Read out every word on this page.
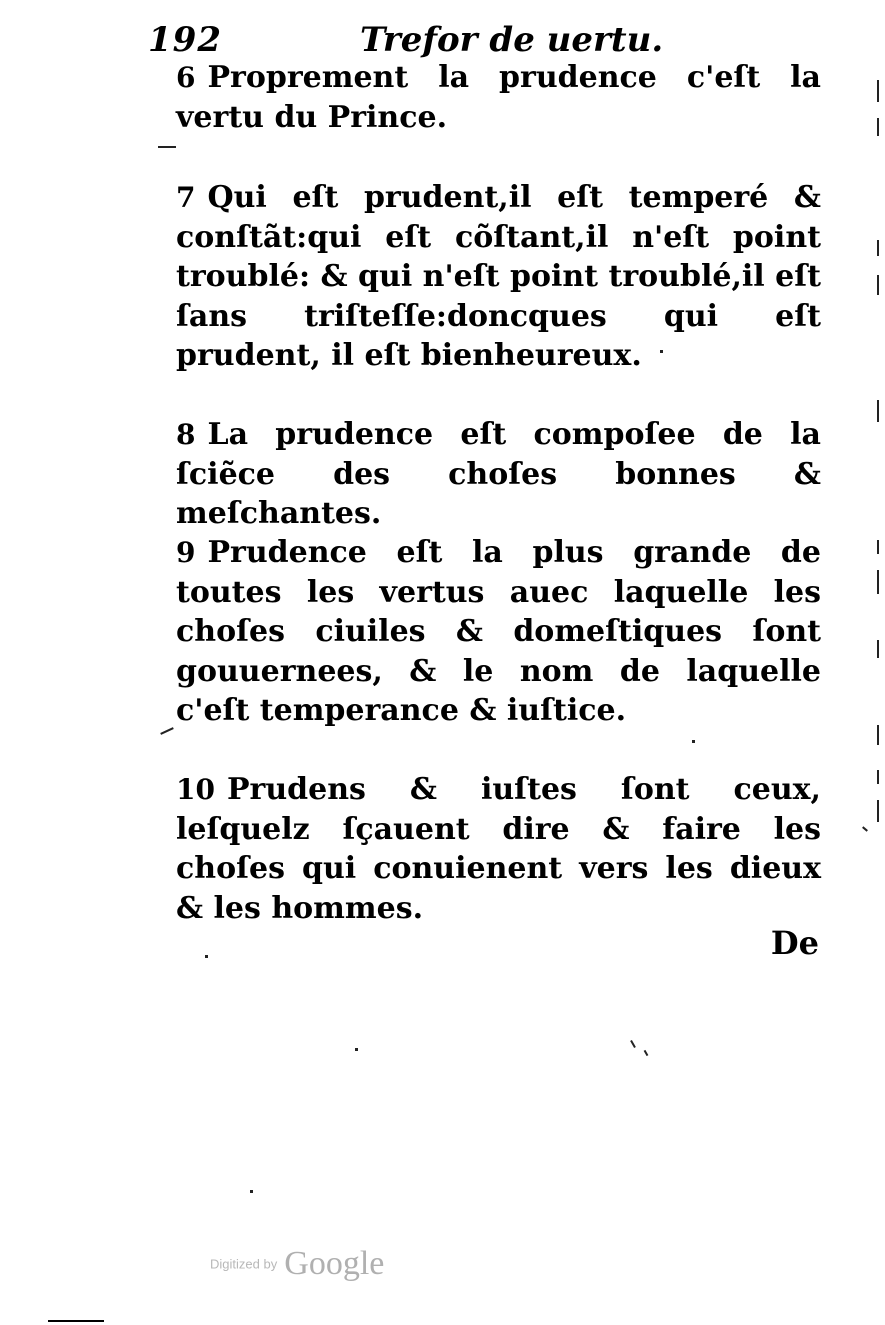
192	Trefor de uertu.

6 Proprement la prudence c'eſt la vertu du Prince.

7 Qui eſt prudent,il eſt temperé & conſtãt:qui eſt cõſtant,il n'eſt point troublé: & qui n'eſt point troublé,il eſt ſans triſteſſe:doncques qui eſt prudent, il eſt bienheureux.

8 La prudence eſt compoſee de la ſciẽce des choſes bonnes & meſchantes.

9 Prudence eſt la plus grande de toutes les vertus auec laquelle les choſes ciuiles & domeſtiques ſont gouuernees, & le nom de laquelle c'eſt temperance & iuſtice.

10 Prudens & iuſtes ſont ceux, leſquelz ſçauent dire & faire les choſes qui conuienent vers les dieux & les hommes.

De
Digitized by Google
